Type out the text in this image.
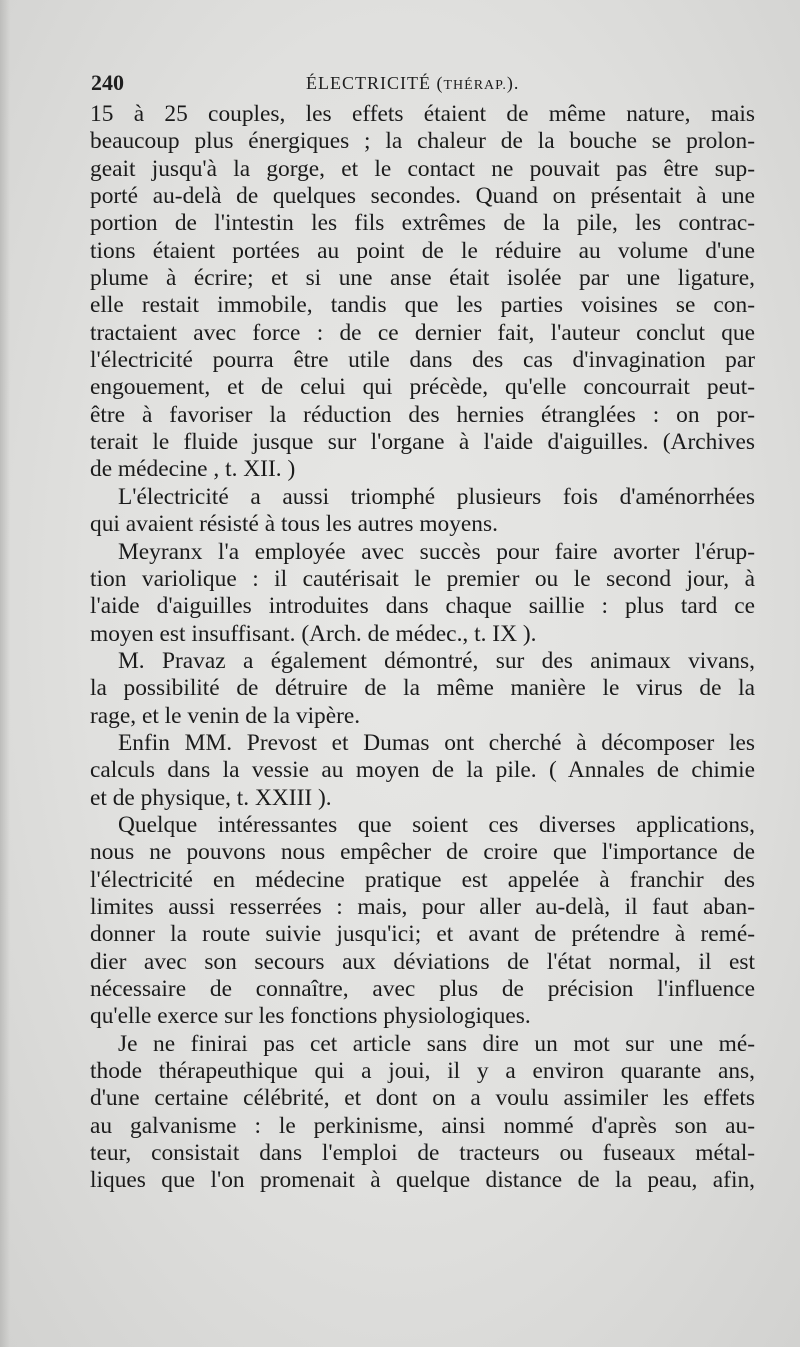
240	ÉLECTRICITÉ (THÉRAP.).
15 à 25 couples, les effets étaient de même nature, mais
beaucoup plus énergiques ; la chaleur de la bouche se prolon-
geait jusqu'à la gorge, et le contact ne pouvait pas être sup-
porté au-delà de quelques secondes. Quand on présentait à une
portion de l'intestin les fils extrêmes de la pile, les contrac-
tions étaient portées au point de le réduire au volume d'une
plume à écrire; et si une anse était isolée par une ligature,
elle restait immobile, tandis que les parties voisines se con-
tractaient avec force : de ce dernier fait, l'auteur conclut que
l'électricité pourra être utile dans des cas d'invagination par
engouement, et de celui qui précède, qu'elle concourrait peut-
être à favoriser la réduction des hernies étranglées : on por-
terait le fluide jusque sur l'organe à l'aide d'aiguilles. (Archives
de médecine , t. XII. )
L'électricité a aussi triomphé plusieurs fois d'aménorrhées
qui avaient résisté à tous les autres moyens.
Meyranx l'a employée avec succès pour faire avorter l'érup-
tion variolique : il cautérisait le premier ou le second jour, à
l'aide d'aiguilles introduites dans chaque saillie : plus tard ce
moyen est insuffisant. (Arch. de médec., t. IX ).
M. Pravaz a également démontré, sur des animaux vivans,
la possibilité de détruire de la même manière le virus de la
rage, et le venin de la vipère.
Enfin MM. Prevost et Dumas ont cherché à décomposer les
calculs dans la vessie au moyen de la pile. ( Annales de chimie
et de physique, t. XXIII ).
Quelque intéressantes que soient ces diverses applications,
nous ne pouvons nous empêcher de croire que l'importance de
l'électricité en médecine pratique est appelée à franchir des
limites aussi resserrées : mais, pour aller au-delà, il faut aban-
donner la route suivie jusqu'ici; et avant de prétendre à remé-
dier avec son secours aux déviations de l'état normal, il est
nécessaire de connaître, avec plus de précision l'influence
qu'elle exerce sur les fonctions physiologiques.
Je ne finirai pas cet article sans dire un mot sur une mé-
thode thérapeuthique qui a joui, il y a environ quarante ans,
d'une certaine célébrité, et dont on a voulu assimiler les effets
au galvanisme : le perkinisme, ainsi nommé d'après son au-
teur, consistait dans l'emploi de tracteurs ou fuseaux métal-
liques que l'on promenait à quelque distance de la peau, afin,
